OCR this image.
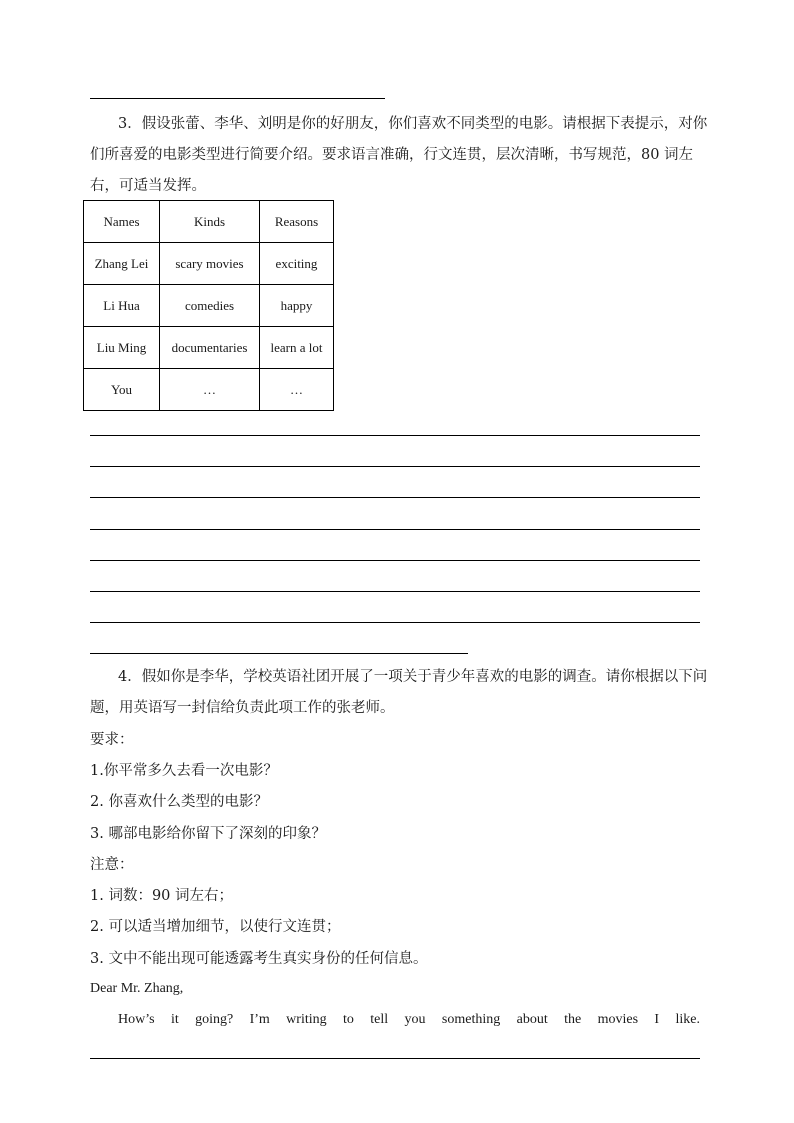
3．假设张蕾、李华、刘明是你的好朋友，你们喜欢不同类型的电影。请根据下表提示，对你们所喜爱的电影类型进行简要介绍。要求语言准确，行文连贯，层次清晰，书写规范，80 词左右，可适当发挥。
Names	Kinds	Reasons
Zhang Lei	scary movies	exciting
Li Hua	comedies	happy
Liu Ming	documentaries	learn a lot
You	…	…
4．假如你是李华，学校英语社团开展了一项关于青少年喜欢的电影的调查。请你根据以下问题，用英语写一封信给负责此项工作的张老师。
要求：
1.你平常多久去看一次电影？
2. 你喜欢什么类型的电影？
3. 哪部电影给你留下了深刻的印象？
注意：
1. 词数：90 词左右；
2. 可以适当增加细节，以使行文连贯；
3. 文中不能出现可能透露考生真实身份的任何信息。
Dear Mr. Zhang,
How’s it going? I’m writing to tell you something about the movies I like.
